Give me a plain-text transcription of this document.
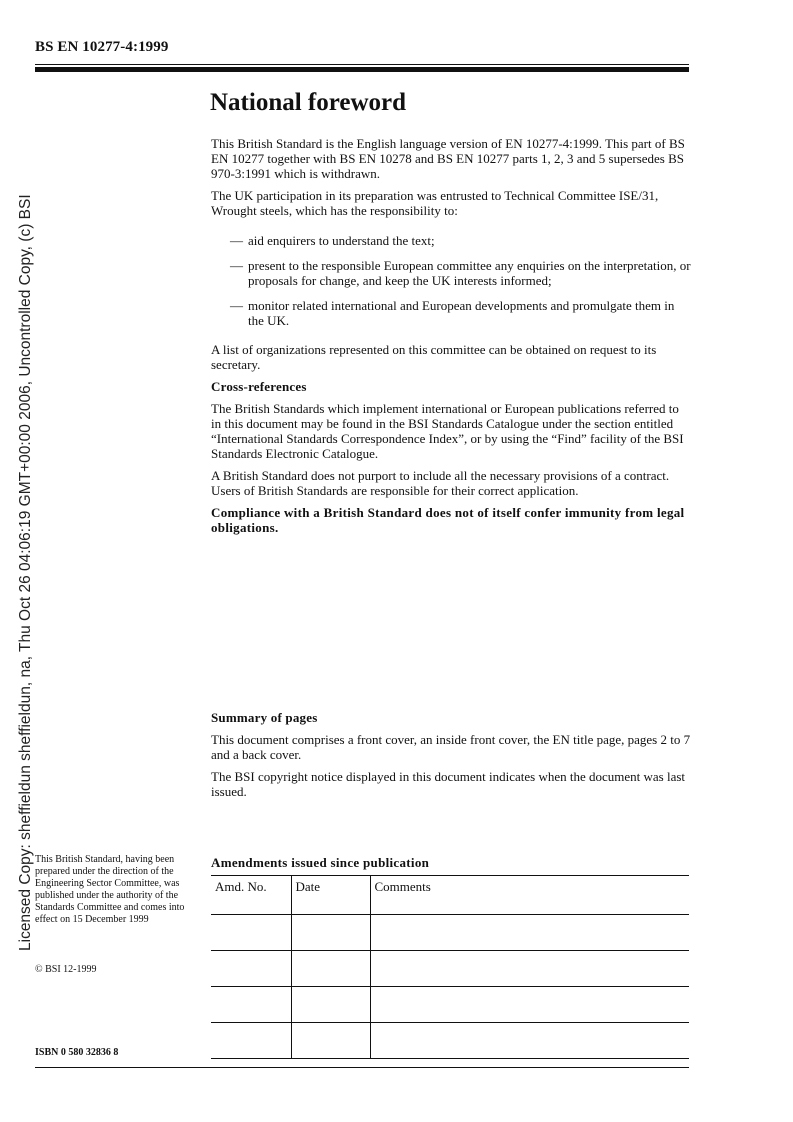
BS EN 10277-4:1999
National foreword

This British Standard is the English language version of EN 10277-4:1999. This part of BS EN 10277 together with BS EN 10278 and BS EN 10277 parts 1, 2, 3 and 5 supersedes BS 970-3:1991 which is withdrawn.

The UK participation in its preparation was entrusted to Technical Committee ISE/31, Wrought steels, which has the responsibility to:

— aid enquirers to understand the text;
— present to the responsible European committee any enquiries on the interpretation, or proposals for change, and keep the UK interests informed;
— monitor related international and European developments and promulgate them in the UK.

A list of organizations represented on this committee can be obtained on request to its secretary.

Cross-references

The British Standards which implement international or European publications referred to in this document may be found in the BSI Standards Catalogue under the section entitled “International Standards Correspondence Index”, or by using the “Find” facility of the BSI Standards Electronic Catalogue.

A British Standard does not purport to include all the necessary provisions of a contract. Users of British Standards are responsible for their correct application.

Compliance with a British Standard does not of itself confer immunity from legal obligations.

Summary of pages

This document comprises a front cover, an inside front cover, the EN title page, pages 2 to 7 and a back cover.

The BSI copyright notice displayed in this document indicates when the document was last issued.

This British Standard, having been prepared under the direction of the Engineering Sector Committee, was published under the authority of the Standards Committee and comes into effect on 15 December 1999
© BSI 12-1999
ISBN 0 580 32836 8
Amendments issued since publication
Amd. No.	Date	Comments

Licensed Copy: sheffieldun sheffieldun, na, Thu Oct 26 04:06:19 GMT+00:00 2006, Uncontrolled Copy, (c) BSI
